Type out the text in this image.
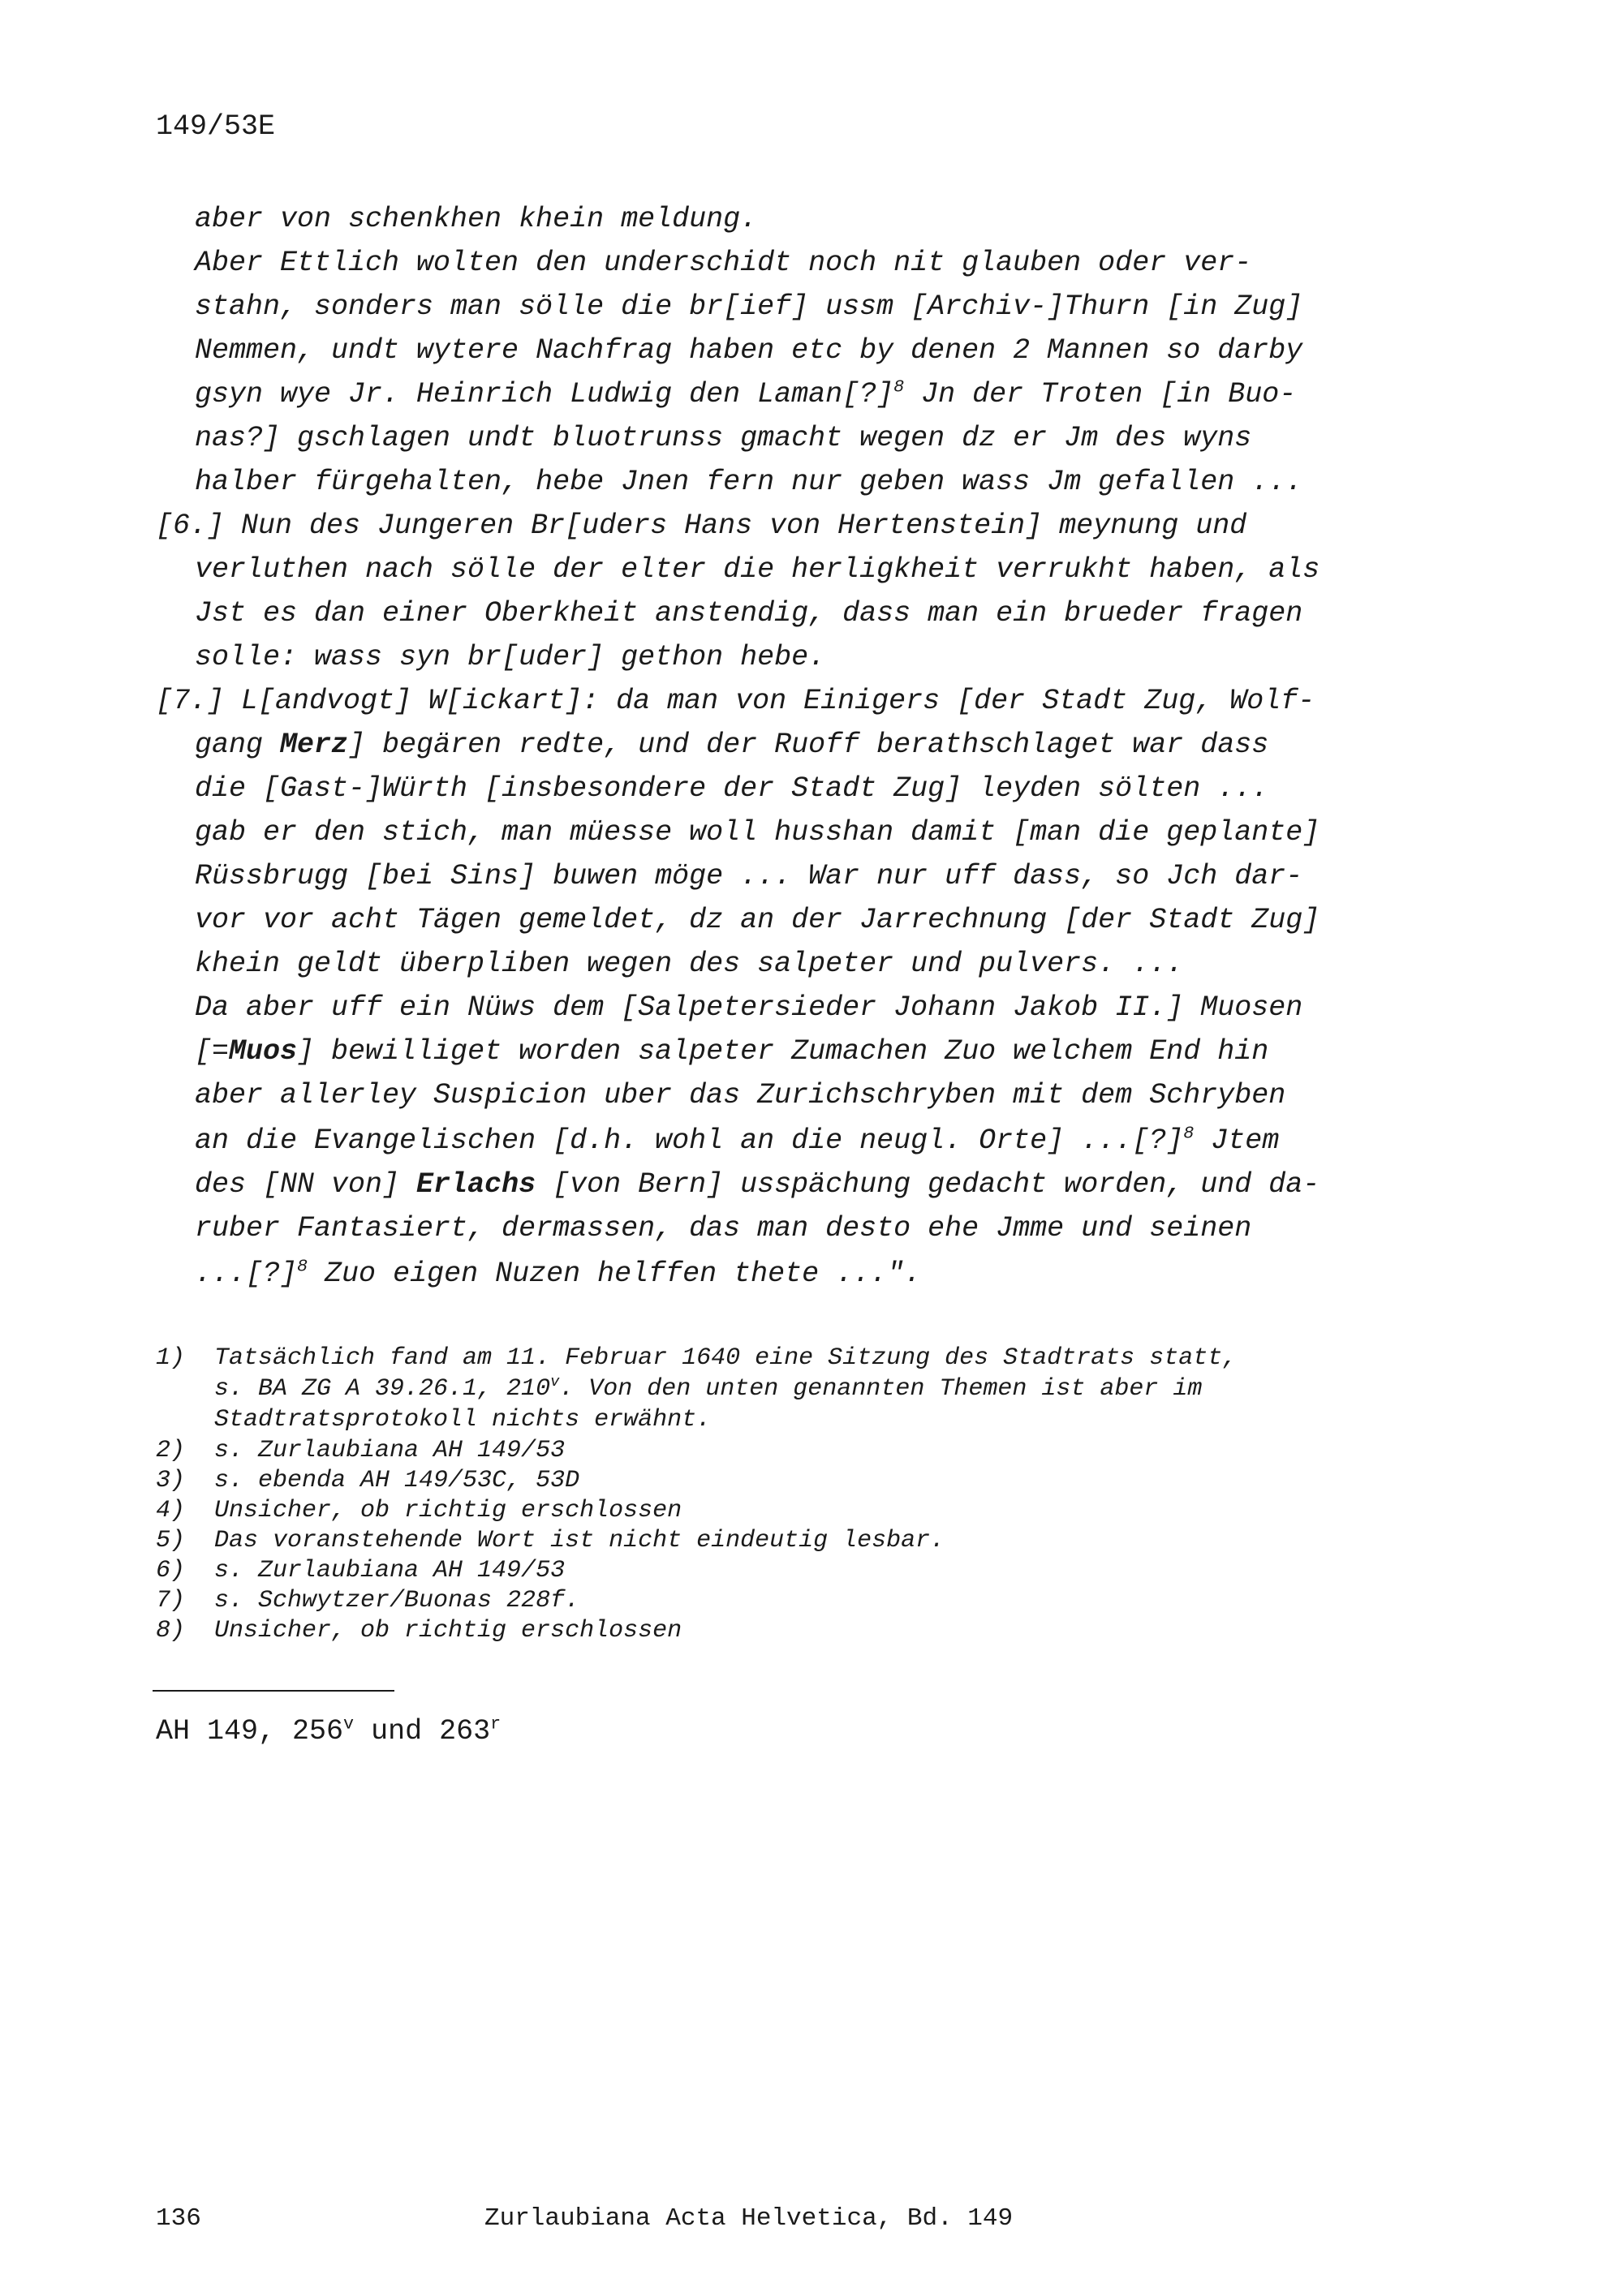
149/53E
aber von schenkhen khein meldung.
Aber Ettlich wolten den underschidt noch nit glauben oder ver-
stahn, sonders man sölle die br[ief] ussm [Archiv-]Thurn [in Zug]
Nemmen, undt wytere Nachfrag haben etc by denen 2 Mannen so darby
gsyn wye Jr. Heinrich Ludwig den Laman[?]$^8$ Jn der Troten [in Buo-
nas?] gschlagen undt bluotrunss gmacht wegen dz er Jm des wyns
halber fürgehalten, hebe Jnen fern nur geben wass Jm gefallen ...
[6.] Nun des Jungeren Br[uders Hans von Hertenstein] meynung und
verluthen nach sölle der elter die herligkheit verrukht haben, als
Jst es dan einer Oberkheit anstendig, dass man ein brueder fragen
solle: wass syn br[uder] gethon hebe.
[7.] L[andvogt] W[ickart]: da man von Einigers [der Stadt Zug, Wolf-
gang Merz] begären redte, und der Ruoff berathschlaget war dass
die [Gast-]Würth [insbesondere der Stadt Zug] leyden sölten ...
gab er den stich, man müesse woll husshan damit [man die geplante]
Rüssbrugg [bei Sins] buwen möge ... War nur uff dass, so Jch dar-
vor vor acht Tägen gemeldet, dz an der Jarrechnung [der Stadt Zug]
khein geldt überpliben wegen des salpeter und pulvers. ...
Da aber uff ein Nüws dem [Salpetersieder Johann Jakob II.] Muosen
[=Muos] bewilliget worden salpeter Zumachen Zuo welchem End hin
aber allerley Suspicion uber das Zurichschryben mit dem Schryben
an die Evangelischen [d.h. wohl an die neugl. Orte] ...[?]$^8$ Jtem
des [NN von] Erlachs [von Bern] usspächung gedacht worden, und da-
ruber Fantasiert, dermassen, das man desto ehe Jmme und seinen
...[?]$^8$ Zuo eigen Nuzen helffen thete ...".
1) Tatsächlich fand am 11. Februar 1640 eine Sitzung des Stadtrats statt,
s. BA ZG A 39.26.1, 210$^v$. Von den unten genannten Themen ist aber im
Stadtratsprotokoll nichts erwähnt.
2) s. Zurlaubiana AH 149/53
3) s. ebenda AH 149/53C, 53D
4) Unsicher, ob richtig erschlossen
5) Das voranstehende Wort ist nicht eindeutig lesbar.
6) s. Zurlaubiana AH 149/53
7) s. Schwytzer/Buonas 228f.
8) Unsicher, ob richtig erschlossen
AH 149, 256$^v$ und 263$^r$
136	Zurlaubiana Acta Helvetica, Bd. 149
